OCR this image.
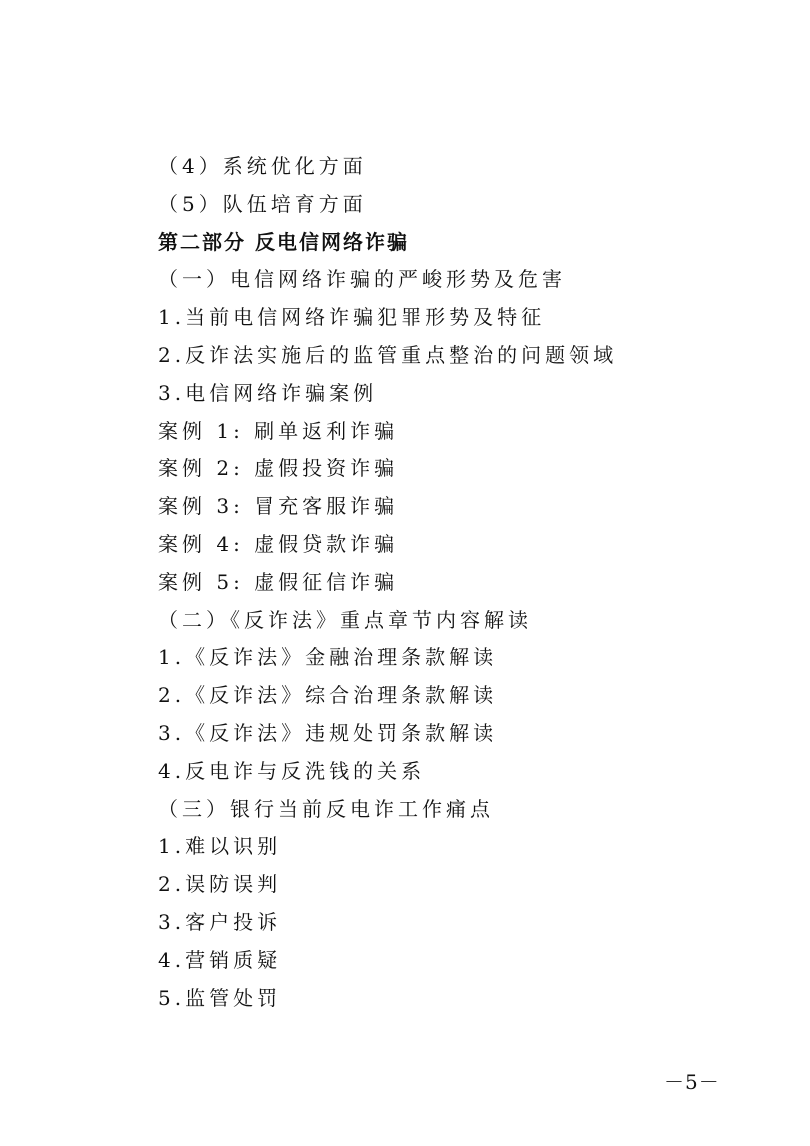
（4）系统优化方面
（5）队伍培育方面
第二部分 反电信网络诈骗
（一）电信网络诈骗的严峻形势及危害
1.当前电信网络诈骗犯罪形势及特征
2.反诈法实施后的监管重点整治的问题领域
3.电信网络诈骗案例
案例 1: 刷单返利诈骗
案例 2: 虚假投资诈骗
案例 3: 冒充客服诈骗
案例 4: 虚假贷款诈骗
案例 5: 虚假征信诈骗
（二）《反诈法》重点章节内容解读
1.《反诈法》金融治理条款解读
2.《反诈法》综合治理条款解读
3.《反诈法》违规处罚条款解读
4.反电诈与反洗钱的关系
（三）银行当前反电诈工作痛点
1.难以识别
2.误防误判
3.客户投诉
4.营销质疑
5.监管处罚
－5－
